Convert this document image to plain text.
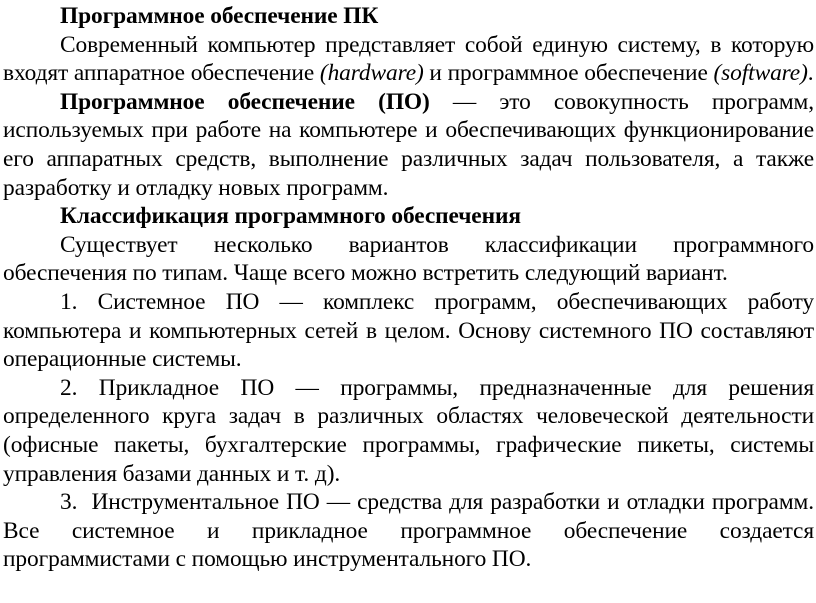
Программное обеспечение ПК

Современный компьютер представляет собой единую систему, в которую входят аппаратное обеспечение (hardware) и программное обеспечение (software).

Программное обеспечение (ПО) — это совокупность программ, используемых при работе на компьютере и обеспечивающих функционирование его аппаратных средств, выполнение различных задач пользователя, а также разработку и отладку новых программ.

Классификация программного обеспечения

Существует несколько вариантов классификации программного обеспечения по типам. Чаще всего можно встретить следующий вариант.

1. Системное ПО — комплекс программ, обеспечивающих работу компьютера и компьютерных сетей в целом. Основу системного ПО составляют операционные системы.

2. Прикладное ПО — программы, предназначенные для решения определенного круга задач в различных областях человеческой деятельности (офисные пакеты, бухгалтерские программы, графические пикеты, системы управления базами данных и т. д).

3. Инструментальное ПО — средства для разработки и отладки программ. Все системное и прикладное программное обеспечение создается программистами с помощью инструментального ПО.
